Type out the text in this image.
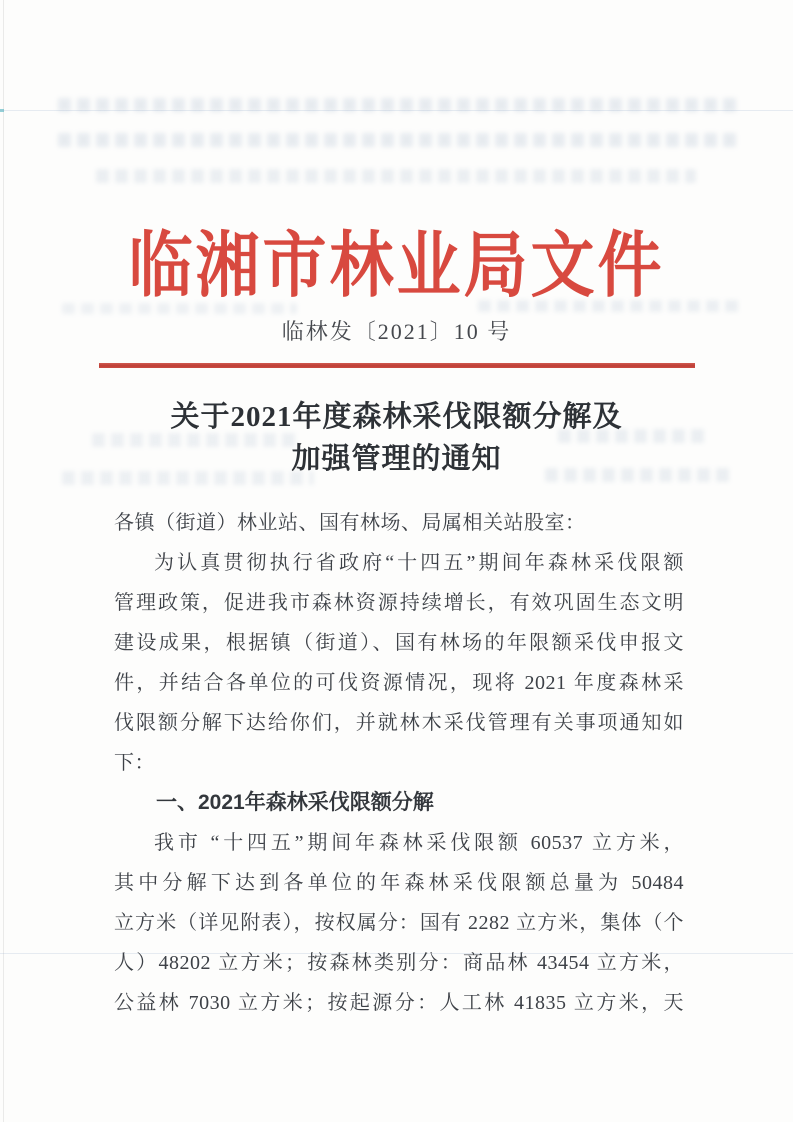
临湘市林业局文件
临林发〔2021〕10 号
关于2021年度森林采伐限额分解及
加强管理的通知
各镇（街道）林业站、国有林场、局属相关站股室：
为认真贯彻执行省政府“十四五”期间年森林采伐限额
管理政策，促进我市森林资源持续增长，有效巩固生态文明
建设成果，根据镇（街道）、国有林场的年限额采伐申报文
件，并结合各单位的可伐资源情况，现将 2021 年度森林采
伐限额分解下达给你们，并就林木采伐管理有关事项通知如
下：
一、2021年森林采伐限额分解
我市 “十四五”期间年森林采伐限额 60537 立方米，
其中分解下达到各单位的年森林采伐限额总量为 50484
立方米（详见附表），按权属分：国有 2282 立方米，集体（个
人）48202 立方米；按森林类别分：商品林 43454 立方米，
公益林 7030 立方米；按起源分：人工林 41835 立方米，天
